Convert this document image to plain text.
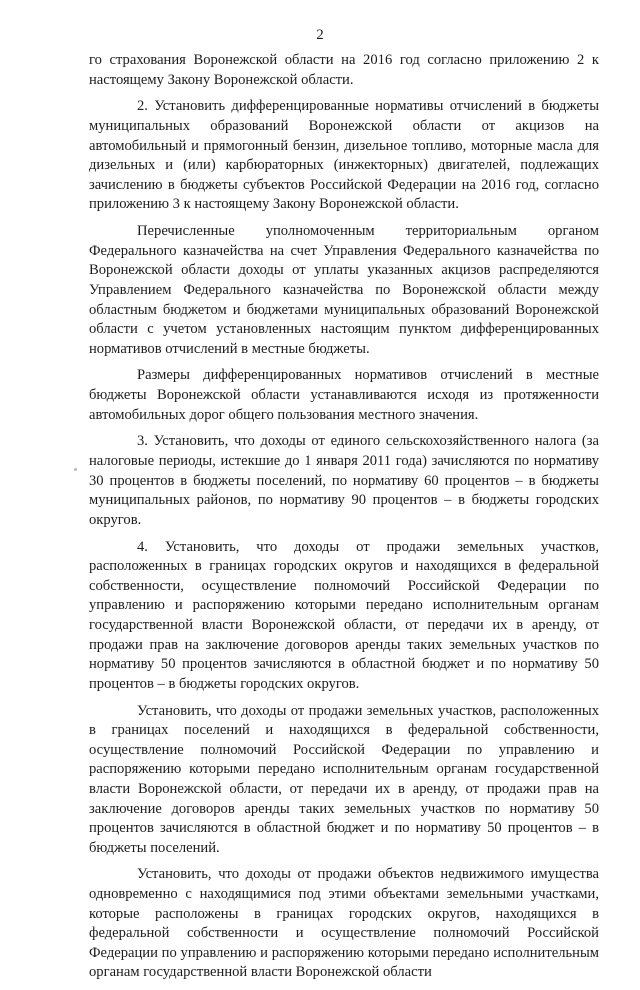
2

го страхования Воронежской области на 2016 год согласно приложению 2 к настоящему Закону Воронежской области.

2. Установить дифференцированные нормативы отчислений в бюджеты муниципальных образований Воронежской области от акцизов на автомобильный и прямогонный бензин, дизельное топливо, моторные масла для дизельных и (или) карбюраторных (инжекторных) двигателей, подлежащих зачислению в бюджеты субъектов Российской Федерации на 2016 год, согласно приложению 3 к настоящему Закону Воронежской области.

Перечисленные уполномоченным территориальным органом Федерального казначейства на счет Управления Федерального казначейства по Воронежской области доходы от уплаты указанных акцизов распределяются Управлением Федерального казначейства по Воронежской области между областным бюджетом и бюджетами муниципальных образований Воронежской области с учетом установленных настоящим пунктом дифференцированных нормативов отчислений в местные бюджеты.

Размеры дифференцированных нормативов отчислений в местные бюджеты Воронежской области устанавливаются исходя из протяженности автомобильных дорог общего пользования местного значения.

3. Установить, что доходы от единого сельскохозяйственного налога (за налоговые периоды, истекшие до 1 января 2011 года) зачисляются по нормативу 30 процентов в бюджеты поселений, по нормативу 60 процентов – в бюджеты муниципальных районов, по нормативу 90 процентов – в бюджеты городских округов.

4. Установить, что доходы от продажи земельных участков, расположенных в границах городских округов и находящихся в федеральной собственности, осуществление полномочий Российской Федерации по управлению и распоряжению которыми передано исполнительным органам государственной власти Воронежской области, от передачи их в аренду, от продажи прав на заключение договоров аренды таких земельных участков по нормативу 50 процентов зачисляются в областной бюджет и по нормативу 50 процентов – в бюджеты городских округов.

Установить, что доходы от продажи земельных участков, расположенных в границах поселений и находящихся в федеральной собственности, осуществление полномочий Российской Федерации по управлению и распоряжению которыми передано исполнительным органам государственной власти Воронежской области, от передачи их в аренду, от продажи прав на заключение договоров аренды таких земельных участков по нормативу 50 процентов зачисляются в областной бюджет и по нормативу 50 процентов – в бюджеты поселений.

Установить, что доходы от продажи объектов недвижимого имущества одновременно с находящимися под этими объектами земельными участками, которые расположены в границах городских округов, находящихся в федеральной собственности и осуществление полномочий Российской Федерации по управлению и распоряжению которыми передано исполнительным органам государственной власти Воронежской области
